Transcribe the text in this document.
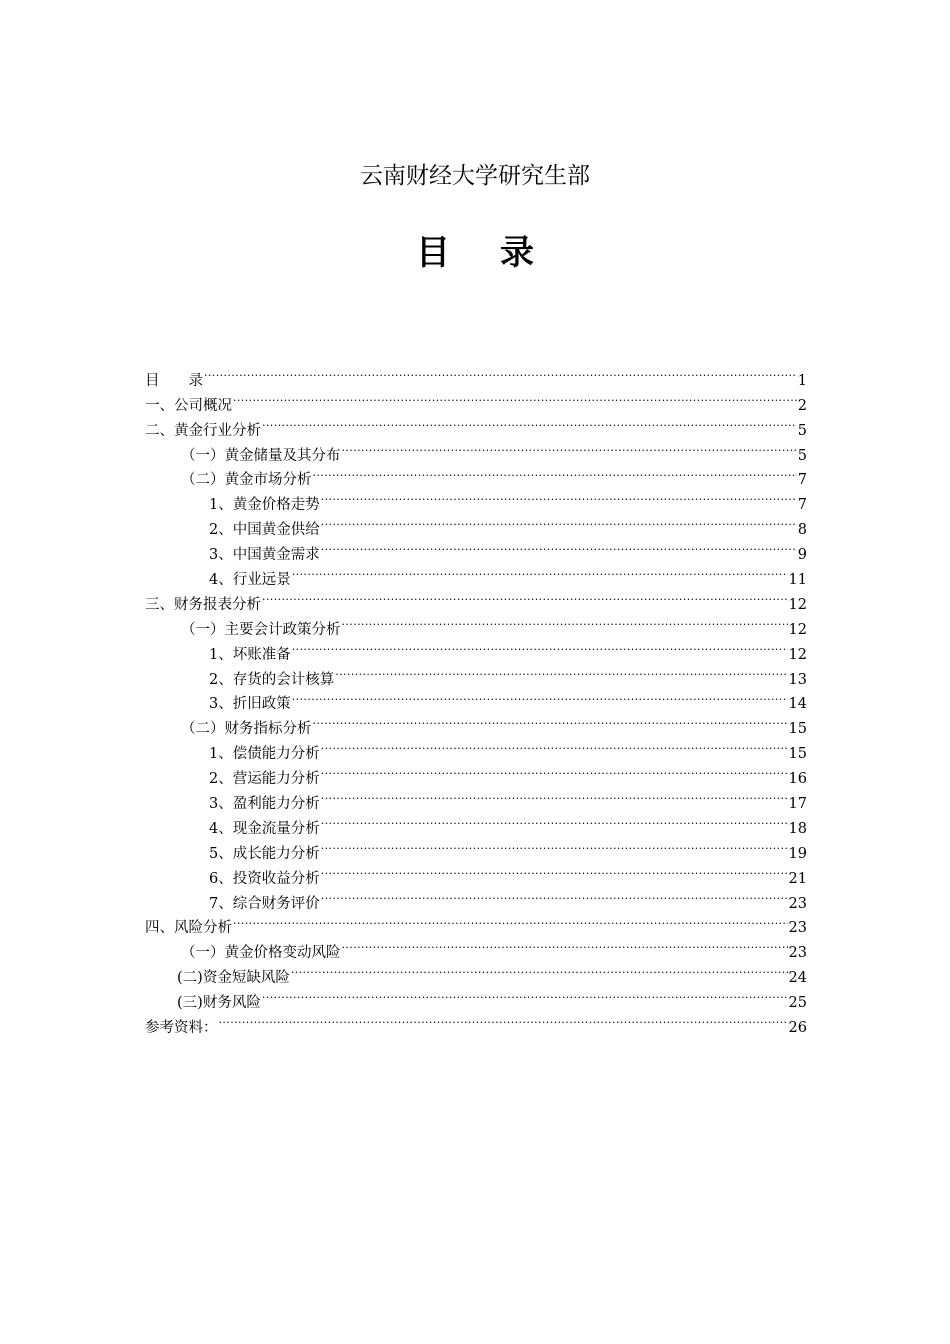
云南财经大学研究生部
目录
目　　录 .....	1
一、公司概况 .....	2
二、黄金行业分析 .....	5
（一）黄金储量及其分布 .....	5
（二）黄金市场分析 .....	7
1、黄金价格走势 .....	7
2、中国黄金供给 .....	8
3、中国黄金需求 .....	9
4、行业远景 .....	11
三、财务报表分析 .....	12
（一）主要会计政策分析 .....	12
1、坏账准备 .....	12
2、存货的会计核算 .....	13
3、折旧政策 .....	14
（二）财务指标分析 .....	15
1、偿债能力分析 .....	15
2、营运能力分析 .....	16
3、盈利能力分析 .....	17
4、现金流量分析 .....	18
5、成长能力分析 .....	19
6、投资收益分析 .....	21
7、综合财务评价 .....	23
四、风险分析 .....	23
（一）黄金价格变动风险 .....	23
(二)资金短缺风险 .....	24
(三)财务风险 .....	25
参考资料： .....	26
